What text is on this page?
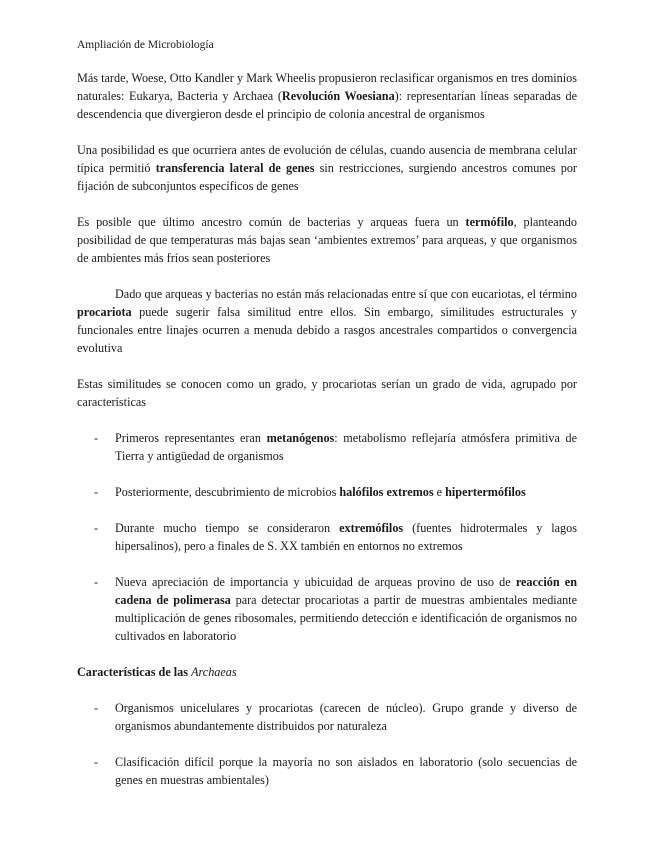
Ampliación de Microbiología

Más tarde, Woese, Otto Kandler y Mark Wheelis propusieron reclasificar organismos en tres dominios naturales: Eukarya, Bacteria y Archaea (Revolución Woesiana): representarían líneas separadas de descendencia que divergieron desde el principio de colonia ancestral de organismos

Una posibilidad es que ocurriera antes de evolución de células, cuando ausencia de membrana celular típica permitió transferencia lateral de genes sin restricciones, surgiendo ancestros comunes por fijación de subconjuntos específicos de genes

Es posible que último ancestro común de bacterias y arqueas fuera un termófilo, planteando posibilidad de que temperaturas más bajas sean ‘ambientes extremos’ para arqueas, y que organismos de ambientes más fríos sean posteriores

Dado que arqueas y bacterias no están más relacionadas entre sí que con eucariotas, el término procariota puede sugerir falsa similitud entre ellos. Sin embargo, similitudes estructurales y funcionales entre linajes ocurren a menuda debido a rasgos ancestrales compartidos o convergencia evolutiva

Estas similitudes se conocen como un grado, y procariotas serían un grado de vida, agrupado por características

- Primeros representantes eran metanógenos: metabolismo reflejaría atmósfera primitiva de Tierra y antigüedad de organismos
- Posteriormente, descubrimiento de microbios halófilos extremos e hipertermófilos
- Durante mucho tiempo se consideraron extremófilos (fuentes hidrotermales y lagos hipersalinos), pero a finales de S. XX también en entornos no extremos
- Nueva apreciación de importancia y ubicuidad de arqueas provino de uso de reacción en cadena de polimerasa para detectar procariotas a partir de muestras ambientales mediante multiplicación de genes ribosomales, permitiendo detección e identificación de organismos no cultivados en laboratorio
Características de las Archaeas
- Organismos unicelulares y procariotas (carecen de núcleo). Grupo grande y diverso de organismos abundantemente distribuidos por naturaleza
- Clasificación difícil porque la mayoría no son aislados en laboratorio (solo secuencias de genes en muestras ambientales)
